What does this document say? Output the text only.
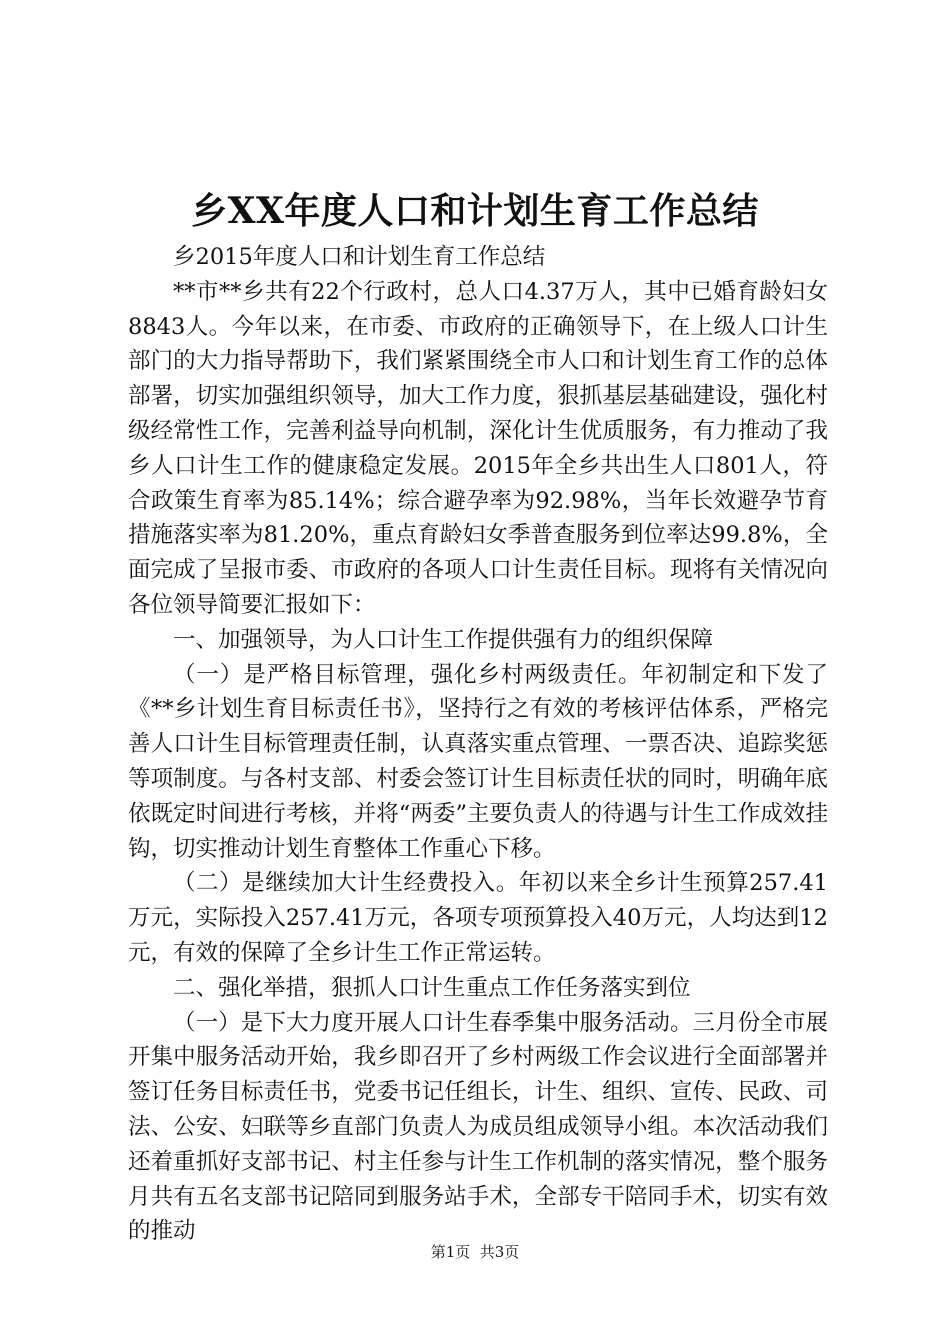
乡XX年度人口和计划生育工作总结

乡2015年度人口和计划生育工作总结

**市**乡共有22个行政村，总人口4.37万人，其中已婚育龄妇女8843人。今年以来，在市委、市政府的正确领导下，在上级人口计生部门的大力指导帮助下，我们紧紧围绕全市人口和计划生育工作的总体部署，切实加强组织领导，加大工作力度，狠抓基层基础建设，强化村级经常性工作，完善利益导向机制，深化计生优质服务，有力推动了我乡人口计生工作的健康稳定发展。2015年全乡共出生人口801人，符合政策生育率为85.14%；综合避孕率为92.98%，当年长效避孕节育措施落实率为81.20%，重点育龄妇女季普查服务到位率达99.8%，全面完成了呈报市委、市政府的各项人口计生责任目标。现将有关情况向各位领导简要汇报如下：

一、加强领导，为人口计生工作提供强有力的组织保障

（一）是严格目标管理，强化乡村两级责任。年初制定和下发了《**乡计划生育目标责任书》，坚持行之有效的考核评估体系，严格完善人口计生目标管理责任制，认真落实重点管理、一票否决、追踪奖惩等项制度。与各村支部、村委会签订计生目标责任状的同时，明确年底依既定时间进行考核，并将“两委”主要负责人的待遇与计生工作成效挂钩，切实推动计划生育整体工作重心下移。

（二）是继续加大计生经费投入。年初以来全乡计生预算257.41万元，实际投入257.41万元，各项专项预算投入40万元，人均达到12元，有效的保障了全乡计生工作正常运转。

二、强化举措，狠抓人口计生重点工作任务落实到位

（一）是下大力度开展人口计生春季集中服务活动。三月份全市展开集中服务活动开始，我乡即召开了乡村两级工作会议进行全面部署并签订任务目标责任书，党委书记任组长，计生、组织、宣传、民政、司法、公安、妇联等乡直部门负责人为成员组成领导小组。本次活动我们还着重抓好支部书记、村主任参与计生工作机制的落实情况，整个服务月共有五名支部书记陪同到服务站手术，全部专干陪同手术，切实有效的推动

第1页  共3页
